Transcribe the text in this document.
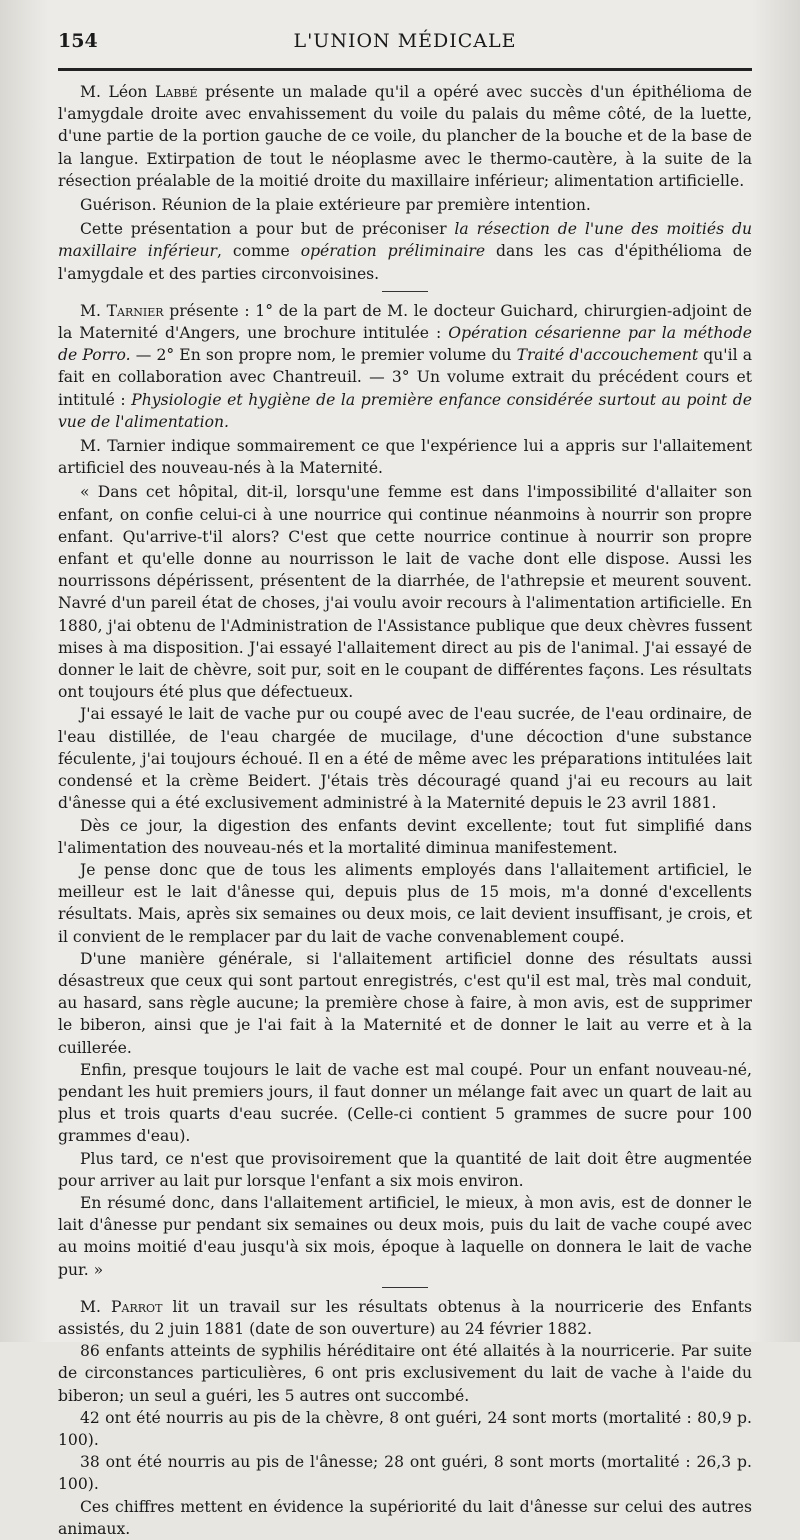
154	L'UNION MÉDICALE

M. Léon Labbé présente un malade qu'il a opéré avec succès d'un épithélioma de l'amygdale droite avec envahissement du voile du palais du même côté, de la luette, d'une partie de la portion gauche de ce voile, du plancher de la bouche et de la base de la langue. Extirpation de tout le néoplasme avec le thermo-cautère, à la suite de la résection préalable de la moitié droite du maxillaire inférieur; alimentation artificielle.

Guérison. Réunion de la plaie extérieure par première intention.

Cette présentation a pour but de préconiser la résection de l'une des moitiés du maxillaire inférieur, comme opération préliminaire dans les cas d'épithélioma de l'amygdale et des parties circonvoisines.

M. Tarnier présente : 1° de la part de M. le docteur Guichard, chirurgien-adjoint de la Maternité d'Angers, une brochure intitulée : Opération césarienne par la méthode de Porro. — 2° En son propre nom, le premier volume du Traité d'accouchement qu'il a fait en collaboration avec Chantreuil. — 3° Un volume extrait du précédent cours et intitulé : Physiologie et hygiène de la première enfance considérée surtout au point de vue de l'alimentation.

M. Tarnier indique sommairement ce que l'expérience lui a appris sur l'allaitement artificiel des nouveau-nés à la Maternité.

« Dans cet hôpital, dit-il, lorsqu'une femme est dans l'impossibilité d'allaiter son enfant, on confie celui-ci à une nourrice qui continue néanmoins à nourrir son propre enfant. Qu'arrive-t'il alors? C'est que cette nourrice continue à nourrir son propre enfant et qu'elle donne au nourrisson le lait de vache dont elle dispose. Aussi les nourrissons dépérissent, présentent de la diarrhée, de l'athrepsie et meurent souvent. Navré d'un pareil état de choses, j'ai voulu avoir recours à l'alimentation artificielle. En 1880, j'ai obtenu de l'Administration de l'Assistance publique que deux chèvres fussent mises à ma disposition. J'ai essayé l'allaitement direct au pis de l'animal. J'ai essayé de donner le lait de chèvre, soit pur, soit en le coupant de différentes façons. Les résultats ont toujours été plus que défectueux.

J'ai essayé le lait de vache pur ou coupé avec de l'eau sucrée, de l'eau ordinaire, de l'eau distillée, de l'eau chargée de mucilage, d'une décoction d'une substance féculente, j'ai toujours échoué. Il en a été de même avec les préparations intitulées lait condensé et la crème Beidert. J'étais très découragé quand j'ai eu recours au lait d'ânesse qui a été exclusivement administré à la Maternité depuis le 23 avril 1881.

Dès ce jour, la digestion des enfants devint excellente; tout fut simplifié dans l'alimentation des nouveau-nés et la mortalité diminua manifestement.

Je pense donc que de tous les aliments employés dans l'allaitement artificiel, le meilleur est le lait d'ânesse qui, depuis plus de 15 mois, m'a donné d'excellents résultats. Mais, après six semaines ou deux mois, ce lait devient insuffisant, je crois, et il convient de le remplacer par du lait de vache convenablement coupé.

D'une manière générale, si l'allaitement artificiel donne des résultats aussi désastreux que ceux qui sont partout enregistrés, c'est qu'il est mal, très mal conduit, au hasard, sans règle aucune; la première chose à faire, à mon avis, est de supprimer le biberon, ainsi que je l'ai fait à la Maternité et de donner le lait au verre et à la cuillerée.

Enfin, presque toujours le lait de vache est mal coupé. Pour un enfant nouveau-né, pendant les huit premiers jours, il faut donner un mélange fait avec un quart de lait au plus et trois quarts d'eau sucrée. (Celle-ci contient 5 grammes de sucre pour 100 grammes d'eau).

Plus tard, ce n'est que provisoirement que la quantité de lait doit être augmentée pour arriver au lait pur lorsque l'enfant a six mois environ.

En résumé donc, dans l'allaitement artificiel, le mieux, à mon avis, est de donner le lait d'ânesse pur pendant six semaines ou deux mois, puis du lait de vache coupé avec au moins moitié d'eau jusqu'à six mois, époque à laquelle on donnera le lait de vache pur. »

M. Parrot lit un travail sur les résultats obtenus à la nourricerie des Enfants assistés, du 2 juin 1881 (date de son ouverture) au 24 février 1882.

86 enfants atteints de syphilis héréditaire ont été allaités à la nourricerie. Par suite de circonstances particulières, 6 ont pris exclusivement du lait de vache à l'aide du biberon; un seul a guéri, les 5 autres ont succombé.

42 ont été nourris au pis de la chèvre, 8 ont guéri, 24 sont morts (mortalité : 80,9 p. 100).

38 ont été nourris au pis de l'ânesse; 28 ont guéri, 8 sont morts (mortalité : 26,3 p. 100).

Ces chiffres mettent en évidence la supériorité du lait d'ânesse sur celui des autres animaux.
